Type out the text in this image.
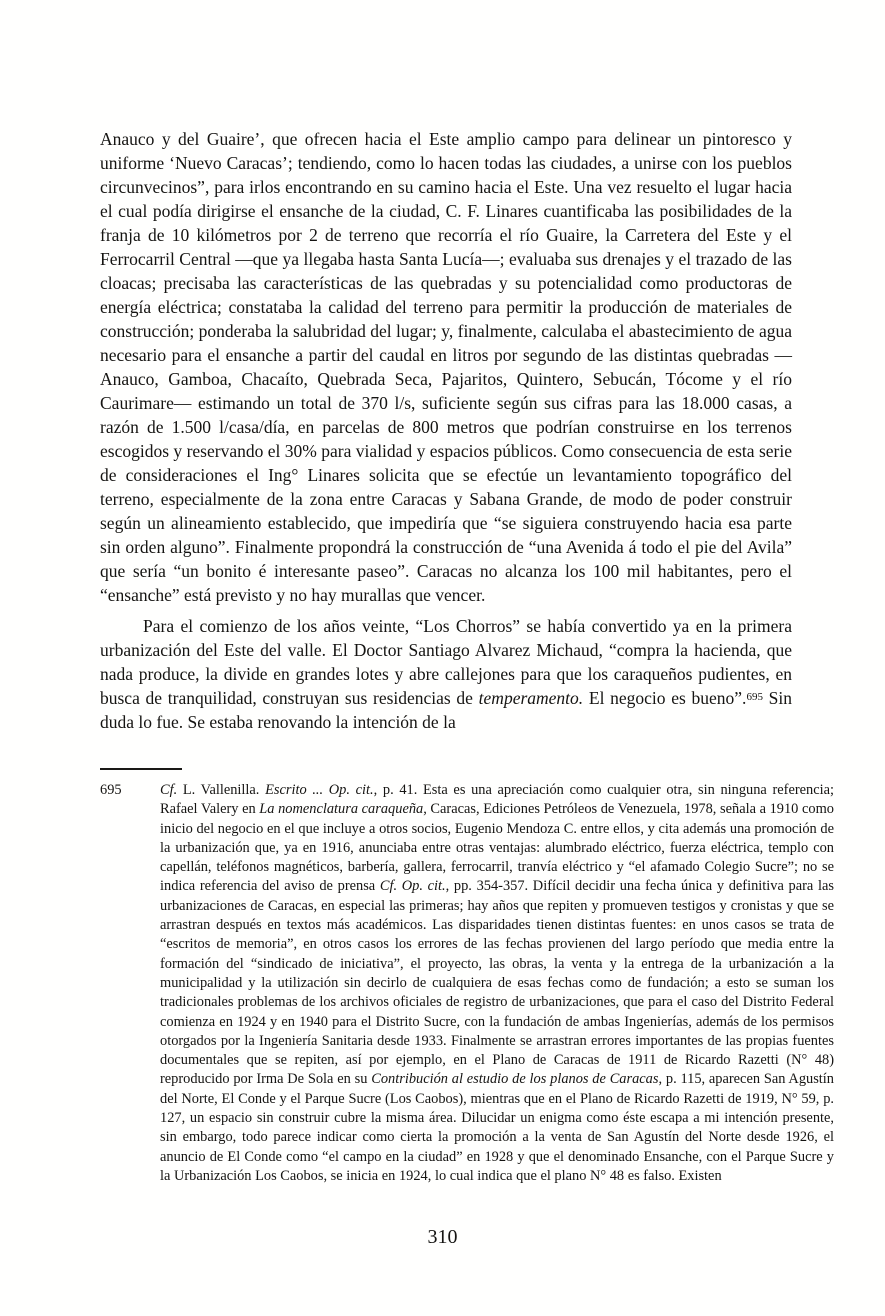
Anauco y del Guaire’, que ofrecen hacia el Este amplio campo para delinear un pintoresco y uniforme ‘Nuevo Caracas’; tendiendo, como lo hacen todas las ciudades, a unirse con los pueblos circunvecinos”, para irlos encontrando en su camino hacia el Este. Una vez resuelto el lugar hacia el cual podía dirigirse el ensanche de la ciudad, C. F. Linares cuantificaba las posibilidades de la franja de 10 kilómetros por 2 de terreno que recorría el río Guaire, la Carretera del Este y el Ferrocarril Central —que ya llegaba hasta Santa Lucía—; evaluaba sus drenajes y el trazado de las cloacas; precisaba las características de las quebradas y su potencialidad como productoras de energía eléctrica; constataba la calidad del terreno para permitir la producción de materiales de construcción; ponderaba la salubridad del lugar; y, finalmente, calculaba el abastecimiento de agua necesario para el ensanche a partir del caudal en litros por segundo de las distintas quebradas —Anauco, Gamboa, Chacaíto, Quebrada Seca, Pajaritos, Quintero, Sebucán, Tócome y el río Caurimare— estimando un total de 370 l/s, suficiente según sus cifras para las 18.000 casas, a razón de 1.500 l/casa/día, en parcelas de 800 metros que podrían construirse en los terrenos escogidos y reservando el 30% para vialidad y espacios públicos. Como consecuencia de esta serie de consideraciones el Ing° Linares solicita que se efectúe un levantamiento topográfico del terreno, especialmente de la zona entre Caracas y Sabana Grande, de modo de poder construir según un alineamiento establecido, que impediría que “se siguiera construyendo hacia esa parte sin orden alguno”. Finalmente propondrá la construcción de “una Avenida á todo el pie del Avila” que sería “un bonito é interesante paseo”. Caracas no alcanza los 100 mil habitantes, pero el “ensanche” está previsto y no hay murallas que vencer.

Para el comienzo de los años veinte, “Los Chorros” se había convertido ya en la primera urbanización del Este del valle. El Doctor Santiago Alvarez Michaud, “compra la hacienda, que nada produce, la divide en grandes lotes y abre callejones para que los caraqueños pudientes, en busca de tranquilidad, construyan sus residencias de temperamento. El negocio es bueno”.$^{695}$ Sin duda lo fue. Se estaba renovando la intención de la

695	Cf. L. Vallenilla. Escrito ... Op. cit., p. 41. Esta es una apreciación como cualquier otra, sin ninguna referencia; Rafael Valery en La nomenclatura caraqueña, Caracas, Ediciones Petróleos de Venezuela, 1978, señala a 1910 como inicio del negocio en el que incluye a otros socios, Eugenio Mendoza C. entre ellos, y cita además una promoción de la urbanización que, ya en 1916, anunciaba entre otras ventajas: alumbrado eléctrico, fuerza eléctrica, templo con capellán, teléfonos magnéticos, barbería, gallera, ferrocarril, tranvía eléctrico y “el afamado Colegio Sucre”; no se indica referencia del aviso de prensa Cf. Op. cit., pp. 354-357. Difícil decidir una fecha única y definitiva para las urbanizaciones de Caracas, en especial las primeras; hay años que repiten y promueven testigos y cronistas y que se arrastran después en textos más académicos. Las disparidades tienen distintas fuentes: en unos casos se trata de “escritos de memoria”, en otros casos los errores de las fechas provienen del largo período que media entre la formación del “sindicado de iniciativa”, el proyecto, las obras, la venta y la entrega de la urbanización a la municipalidad y la utilización sin decirlo de cualquiera de esas fechas como de fundación; a esto se suman los tradicionales problemas de los archivos oficiales de registro de urbanizaciones, que para el caso del Distrito Federal comienza en 1924 y en 1940 para el Distrito Sucre, con la fundación de ambas Ingenierías, además de los permisos otorgados por la Ingeniería Sanitaria desde 1933. Finalmente se arrastran errores importantes de las propias fuentes documentales que se repiten, así por ejemplo, en el Plano de Caracas de 1911 de Ricardo Razetti (N° 48) reproducido por Irma De Sola en su Contribución al estudio de los planos de Caracas, p. 115, aparecen San Agustín del Norte, El Conde y el Parque Sucre (Los Caobos), mientras que en el Plano de Ricardo Razetti de 1919, N° 59, p. 127, un espacio sin construir cubre la misma área. Dilucidar un enigma como éste escapa a mi intención presente, sin embargo, todo parece indicar como cierta la promoción a la venta de San Agustín del Norte desde 1926, el anuncio de El Conde como “el campo en la ciudad” en 1928 y que el denominado Ensanche, con el Parque Sucre y la Urbanización Los Caobos, se inicia en 1924, lo cual indica que el plano N° 48 es falso. Existen
310
